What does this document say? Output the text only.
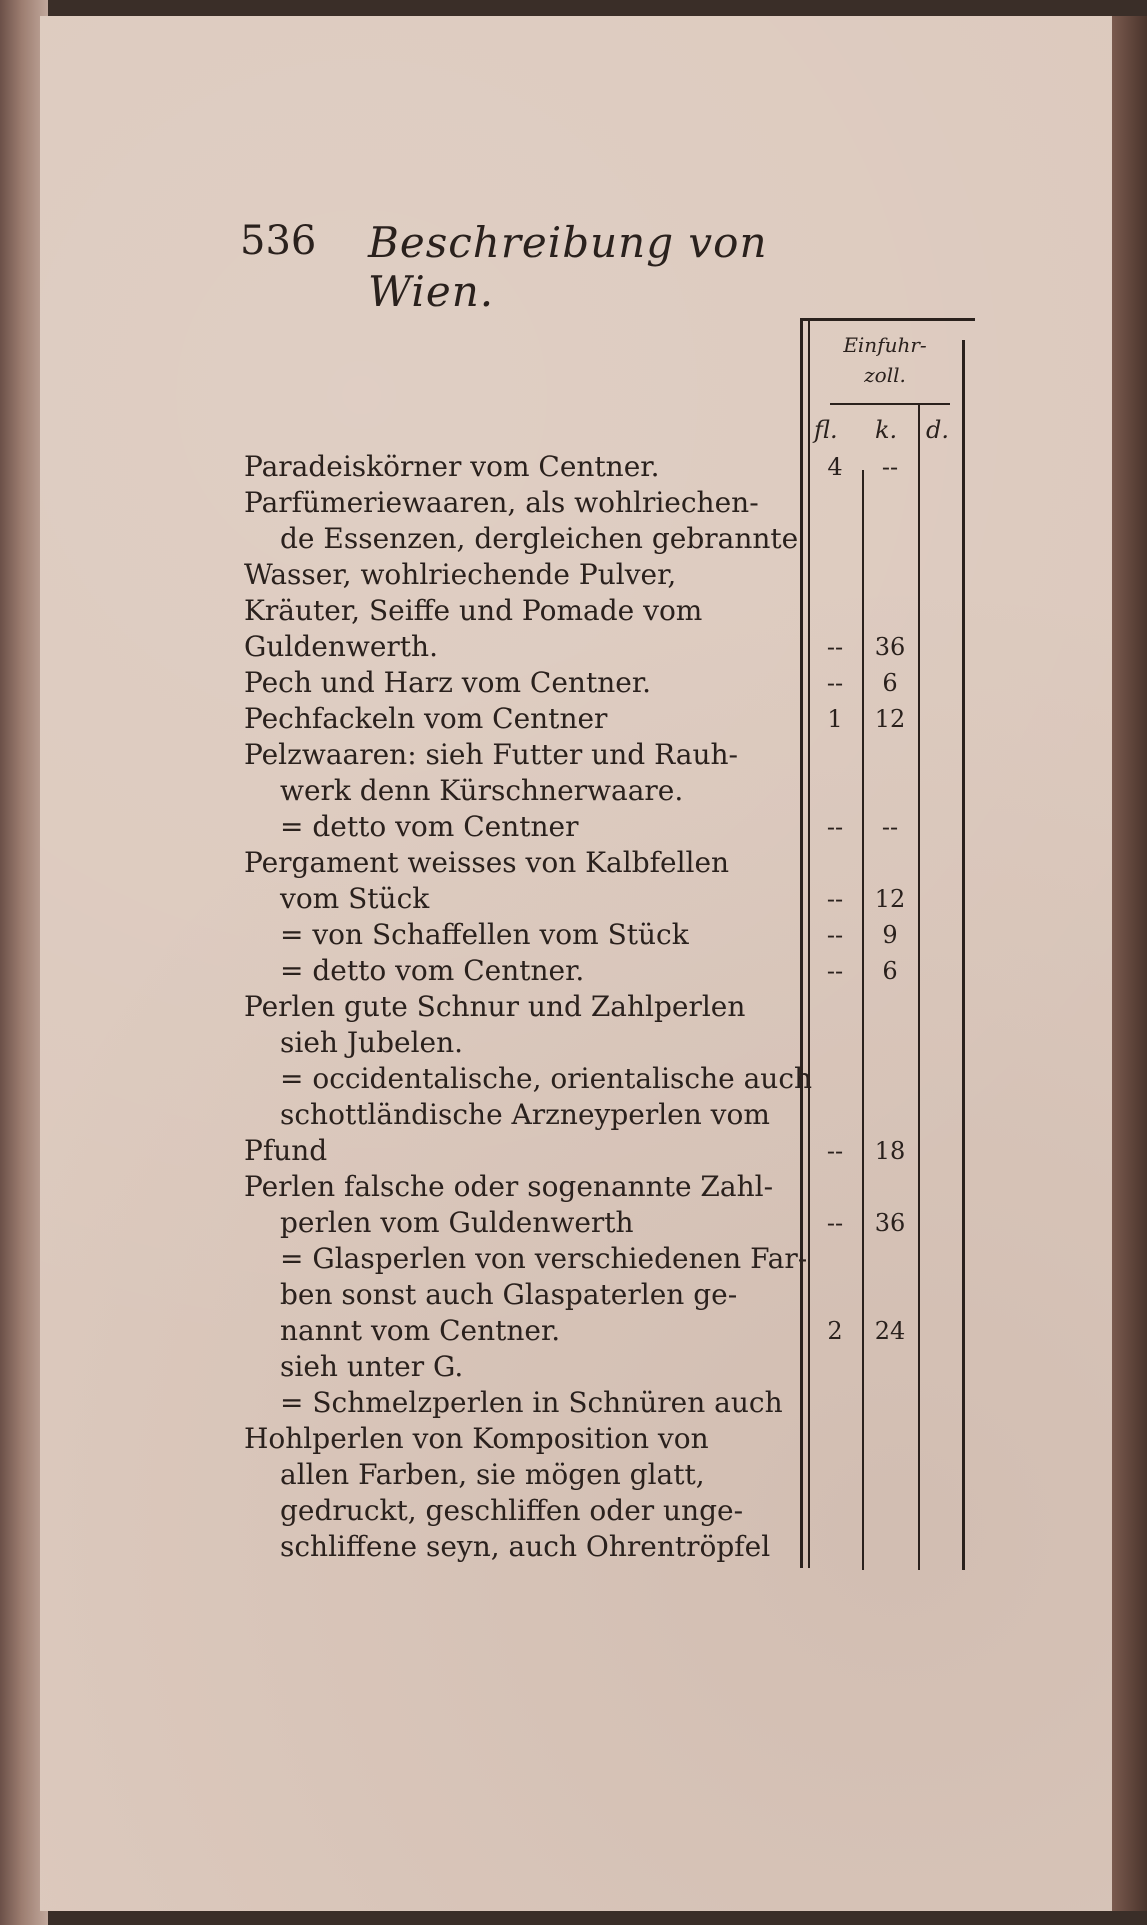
536 Beschreibung von Wien.
Einfuhr-
zoll.
fl. k. d.
Paradeiskörner vom Centner.	4	--
Parfümeriewaaren, als wohlriechen-
de Essenzen, dergleichen gebrannte
Wasser, wohlriechende Pulver,
Kräuter, Seiffe und Pomade vom
Guldenwerth.	--	36
Pech und Harz vom Centner.	--	6
Pechfackeln vom Centner	1	12
Pelzwaaren: sieh Futter und Rauh-
werk denn Kürschnerwaare.
= detto vom Centner	--	--
Pergament weisses von Kalbfellen
vom Stück	--	12
= von Schaffellen vom Stück	--	9
= detto vom Centner.	--	6
Perlen gute Schnur und Zahlperlen
sieh Jubelen.
= occidentalische, orientalische auch
schottländische Arzneyperlen vom
Pfund	--	18
Perlen falsche oder sogenannte Zahl-
perlen vom Guldenwerth	--	36
= Glasperlen von verschiedenen Far-
ben sonst auch Glaspaterlen ge-
nannt vom Centner.	2	24
sieh unter G.
= Schmelzperlen in Schnüren auch
Hohlperlen von Komposition von
allen Farben, sie mögen glatt,
gedruckt, geschliffen oder unge-
schliffene seyn, auch Ohrentröpfel
